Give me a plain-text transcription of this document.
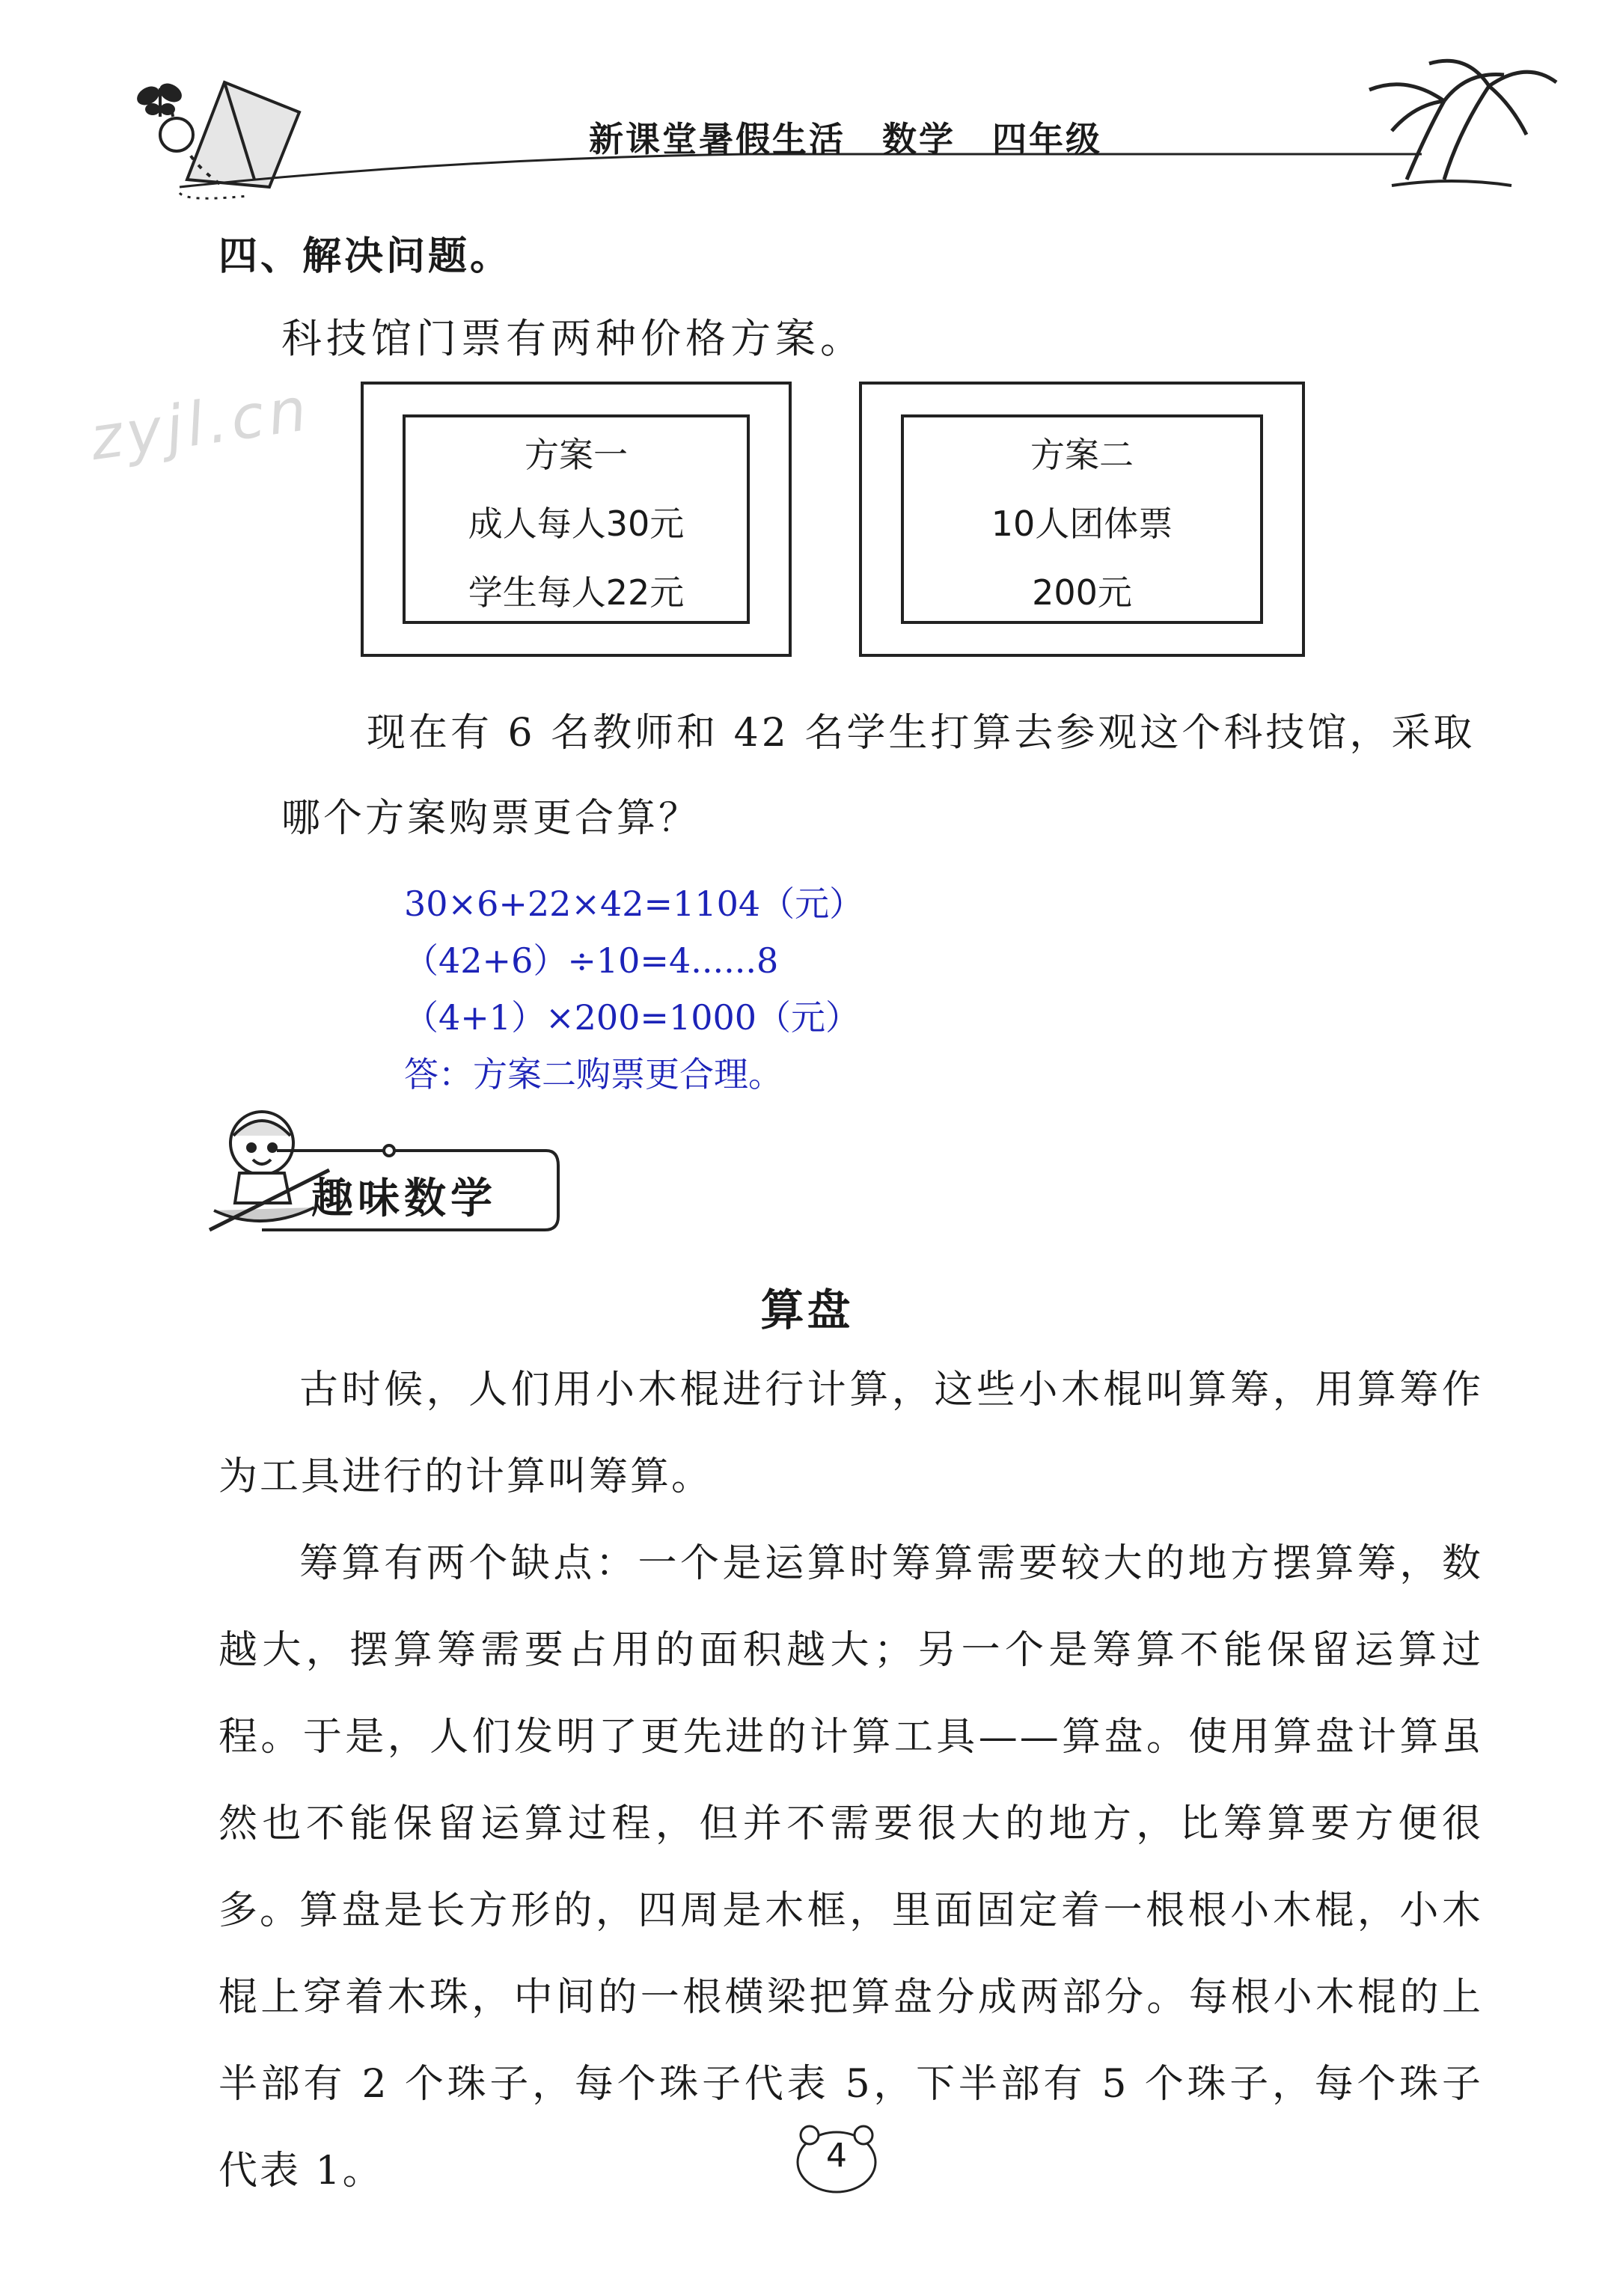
新课堂暑假生活　数学　四年级
zyjl.cn
四、解决问题。
科技馆门票有两种价格方案。
方案一
成人每人30元
学生每人22元
方案二
10人团体票
200元
现在有 6 名教师和 42 名学生打算去参观这个科技馆，采取
哪个方案购票更合算？
30×6+22×42=1104（元）
（42+6）÷10=4......8
（4+1）×200=1000（元）
答：方案二购票更合理。
趣味数学
算盘
古时候，人们用小木棍进行计算，这些小木棍叫算筹，用算筹作为工具进行的计算叫筹算。
筹算有两个缺点：一个是运算时筹算需要较大的地方摆算筹，数越大，摆算筹需要占用的面积越大；另一个是筹算不能保留运算过程。于是，人们发明了更先进的计算工具——算盘。使用算盘计算虽然也不能保留运算过程，但并不需要很大的地方，比筹算要方便很多。
算盘是长方形的，四周是木框，里面固定着一根根小木棍，小木棍上穿着木珠，中间的一根横梁把算盘分成两部分。每根小木棍的上半部有 2 个珠子，每个珠子代表 5，下半部有 5 个珠子，每个珠子代表 1。	4
